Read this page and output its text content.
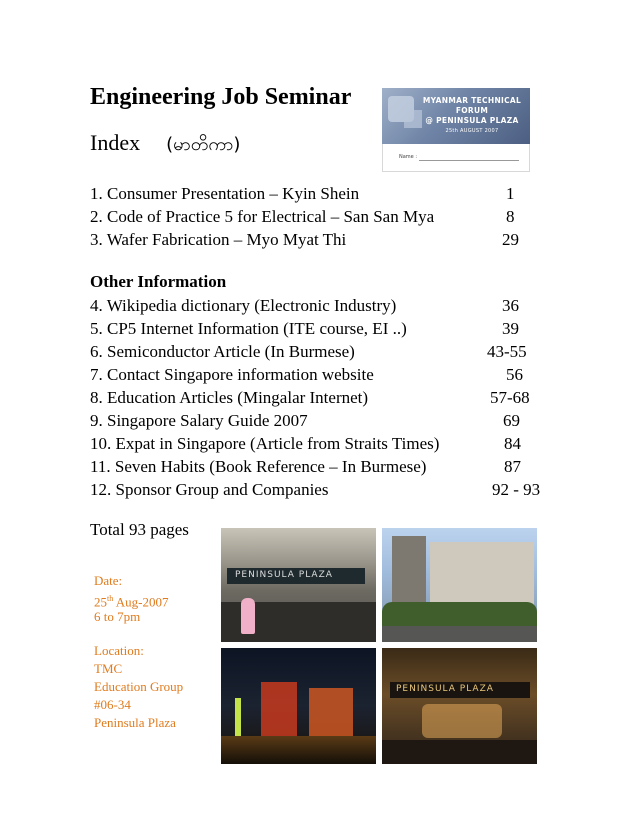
Engineering Job Seminar
Index (မာတိကာ)
MYANMAR TECHNICAL
FORUM
@ PENINSULA PLAZA
25th AUGUST 2007
Name :
1. Consumer Presentation – Kyin Shein	1
2. Code of Practice 5 for Electrical – San San Mya	8
3. Wafer Fabrication – Myo Myat Thi	29
Other Information
4. Wikipedia dictionary (Electronic Industry)	36
5. CP5 Internet Information (ITE course, EI ..)	39
6. Semiconductor Article (In Burmese)	43-55
7. Contact Singapore information website	56
8. Education Articles (Mingalar Internet)	57-68
9. Singapore Salary Guide 2007	69
10. Expat in Singapore (Article from Straits Times)	84
11. Seven Habits (Book Reference – In Burmese)	87
12. Sponsor Group and Companies	92 - 93
Total 93 pages
Date:
25th Aug-2007
6 to 7pm
Location:
TMC
Education Group
#06-34
Peninsula Plaza
PENINSULA PLAZA
PENINSULA PLAZA
